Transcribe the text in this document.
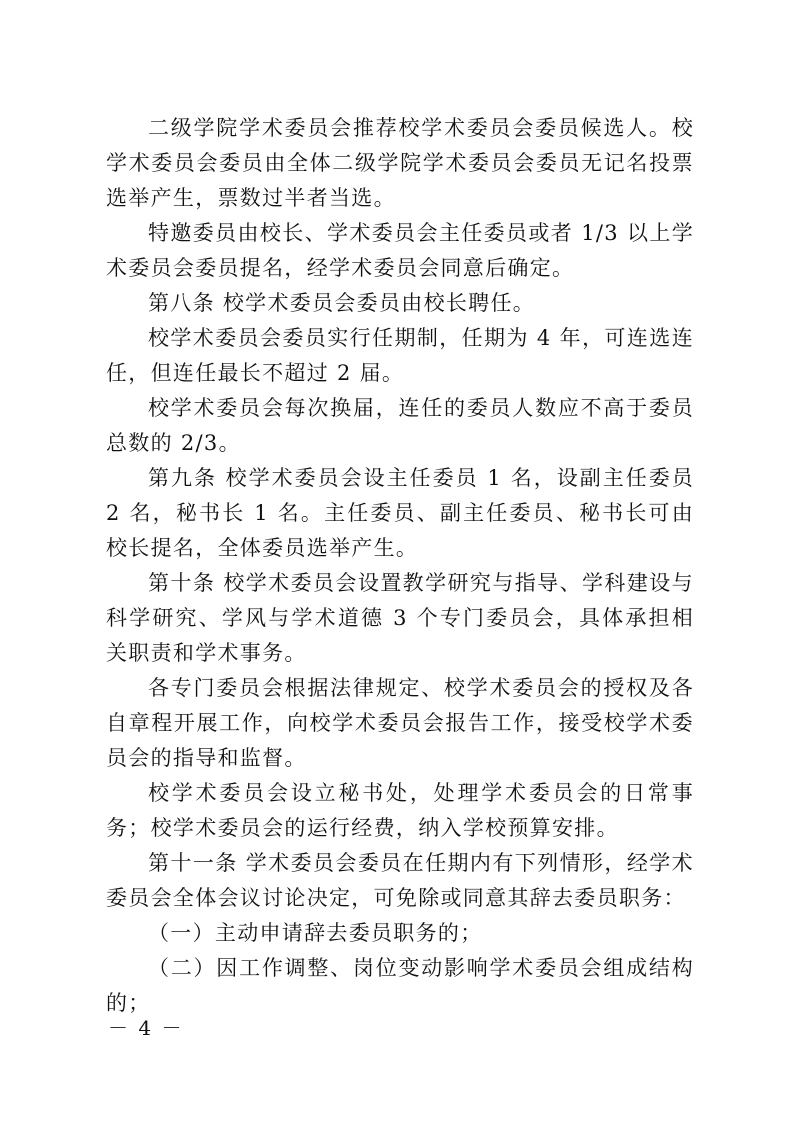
二级学院学术委员会推荐校学术委员会委员候选人。校学术委员会委员由全体二级学院学术委员会委员无记名投票选举产生，票数过半者当选。

特邀委员由校长、学术委员会主任委员或者 1/3 以上学术委员会委员提名，经学术委员会同意后确定。

第八条 校学术委员会委员由校长聘任。

校学术委员会委员实行任期制，任期为 4 年，可连选连任，但连任最长不超过 2 届。

校学术委员会每次换届，连任的委员人数应不高于委员总数的 2/3。

第九条 校学术委员会设主任委员 1 名，设副主任委员 2 名，秘书长 1 名。主任委员、副主任委员、秘书长可由校长提名，全体委员选举产生。

第十条 校学术委员会设置教学研究与指导、学科建设与科学研究、学风与学术道德 3 个专门委员会，具体承担相关职责和学术事务。

各专门委员会根据法律规定、校学术委员会的授权及各自章程开展工作，向校学术委员会报告工作，接受校学术委员会的指导和监督。

校学术委员会设立秘书处，处理学术委员会的日常事务；校学术委员会的运行经费，纳入学校预算安排。

第十一条 学术委员会委员在任期内有下列情形，经学术委员会全体会议讨论决定，可免除或同意其辞去委员职务：

（一）主动申请辞去委员职务的；

（二）因工作调整、岗位变动影响学术委员会组成结构的；

－ 4 －
